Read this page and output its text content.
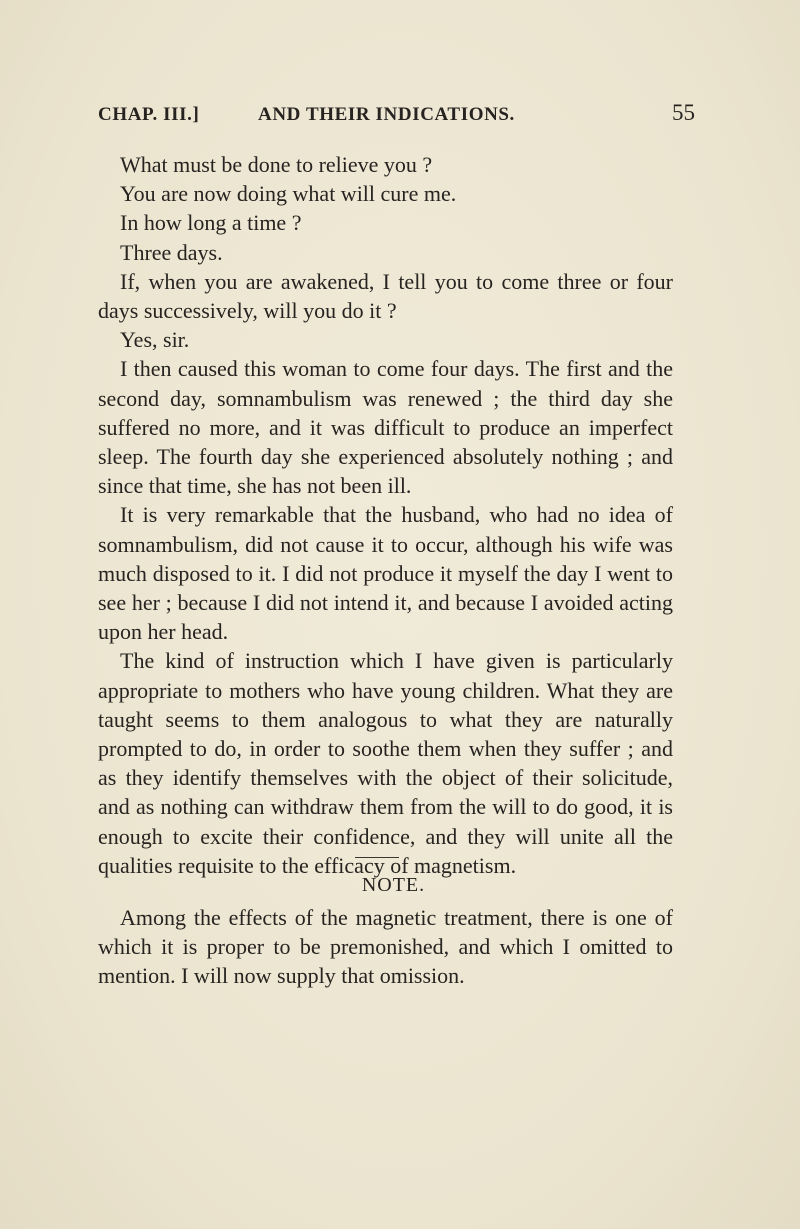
CHAP. III.]	AND THEIR INDICATIONS.	55

What must be done to relieve you ?

You are now doing what will cure me.

In how long a time ?

Three days.

If, when you are awakened, I tell you to come three or four days successively, will you do it ?

Yes, sir.

I then caused this woman to come four days. The first and the second day, somnambulism was renewed ; the third day she suffered no more, and it was difficult to produce an imperfect sleep. The fourth day she experienced absolutely nothing ; and since that time, she has not been ill.

It is very remarkable that the husband, who had no idea of somnambulism, did not cause it to occur, although his wife was much disposed to it. I did not produce it myself the day I went to see her ; because I did not intend it, and because I avoided acting upon her head.

The kind of instruction which I have given is particularly appropriate to mothers who have young children. What they are taught seems to them analogous to what they are naturally prompted to do, in order to soothe them when they suffer ; and as they identify themselves with the object of their solicitude, and as nothing can withdraw them from the will to do good, it is enough to excite their confidence, and they will unite all the qualities requisite to the efficacy of magnetism.

NOTE.

Among the effects of the magnetic treatment, there is one of which it is proper to be premonished, and which I omitted to mention. I will now supply that omission.
